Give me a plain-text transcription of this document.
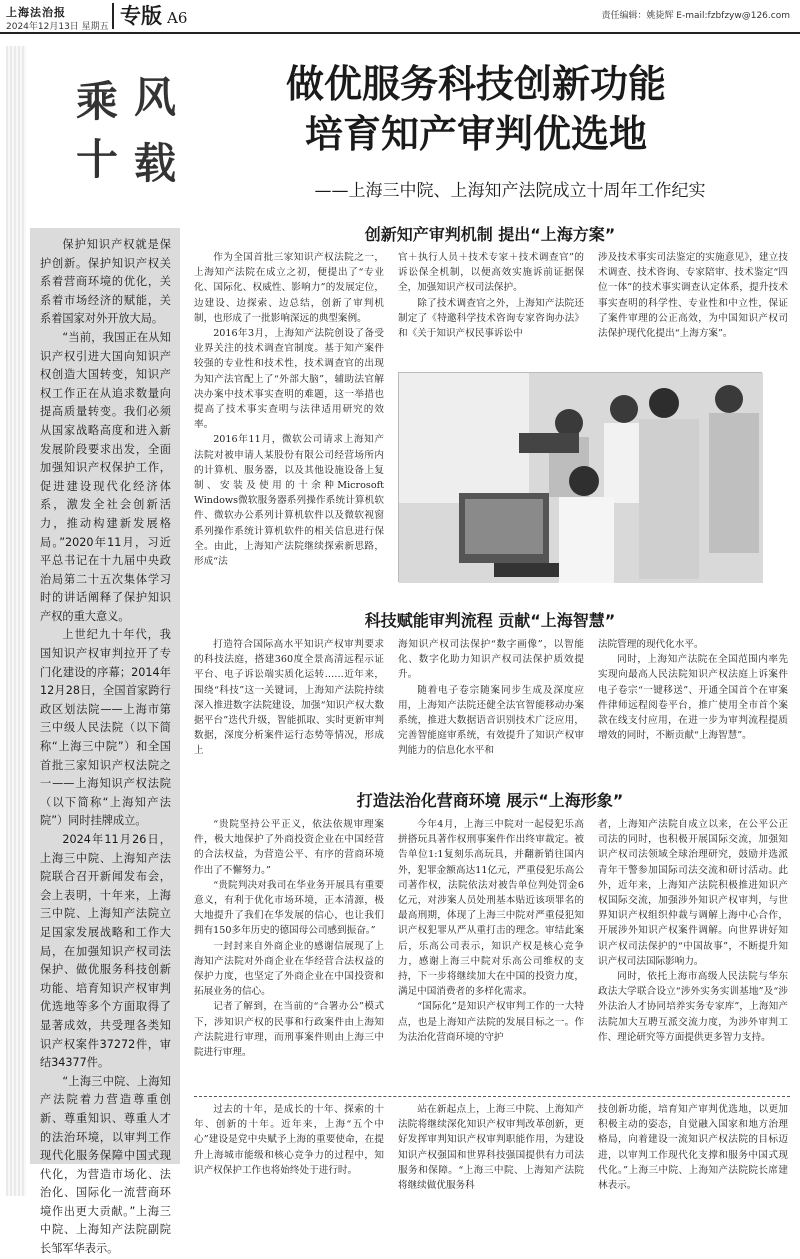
上海法治报
2024年12月13日 星期五 专版 A6	责任编辑：姚毙辉 E-mail:fzbfzyw@126.com
乘 风
十 载
做优服务科技创新功能
培育知产审判优选地
——上海三中院、上海知产法院成立十周年工作纪实

保护知识产权就是保护创新。保护知识产权关系着营商环境的优化，关系着市场经济的赋能，关系着国家对外开放大局。

“当前，我国正在从知识产权引进大国向知识产权创造大国转变，知识产权工作正在从追求数量向提高质量转变。我们必须从国家战略高度和进入新发展阶段要求出发，全面加强知识产权保护工作，促进建设现代化经济体系，激发全社会创新活力，推动构建新发展格局。”2020年11月，习近平总书记在十九届中央政治局第二十五次集体学习时的讲话阐释了保护知识产权的重大意义。

上世纪九十年代，我国知识产权审判拉开了专门化建设的序幕；2014年12月28日，全国首家跨行政区划法院——上海市第三中级人民法院（以下简称“上海三中院”）和全国首批三家知识产权法院之一——上海知识产权法院（以下简称“上海知产法院”）同时挂牌成立。

2024年11月26日，上海三中院、上海知产法院联合召开新闻发布会，会上表明，十年来，上海三中院、上海知产法院立足国家发展战略和工作大局，在加强知识产权司法保护、做优服务科技创新功能、培育知识产权审判优选地等多个方面取得了显著成效，共受理各类知识产权案件37272件，审结34377件。

“上海三中院、上海知产法院着力营造尊重创新、尊重知识、尊重人才的法治环境，以审判工作现代化服务保障中国式现代化，为营造市场化、法治化、国际化一流营商环境作出更大贡献。”上海三中院、上海知产法院副院长邹军华表示。

创新知产审判机制 提出“上海方案”

作为全国首批三家知识产权法院之一，上海知产法院在成立之初，便提出了“专业化、国际化、权威性、影响力”的发展定位，边建设、边探索、边总结，创新了审判机制，也形成了一批影响深远的典型案例。

2016年3月，上海知产法院创设了备受业界关注的技术调查官制度。基于知产案件较强的专业性和技术性，技术调查官的出现为知产法官配上了“外部大脑”，辅助法官解决办案中技术事实查明的难题，这一举措也提高了技术事实查明与法律适用研究的效率。

2016年11月，微软公司请求上海知产法院对被申请人某股份有限公司经营场所内的计算机、服务器，以及其他设施设备上复制、安装及使用的十余种Microsoft Windows微软服务器系列操作系统计算机软件、微软办公系列计算机软件以及微软视窗系列操作系统计算机软件的相关信息进行保全。由此，上海知产法院继续探索新思路，形成“法

官＋执行人员＋技术专家＋技术调查官”的诉讼保全机制，以便高效实施诉前证据保全，加强知识产权司法保护。

除了技术调查官之外，上海知产法院还制定了《特邀科学技术咨询专家咨询办法》和《关于知识产权民事诉讼中

涉及技术事实司法鉴定的实施意见》，建立技术调查、技术咨询、专家陪审、技术鉴定“四位一体”的技术事实调查认定体系，提升技术事实查明的科学性、专业性和中立性，保证了案件审理的公正高效，为中国知识产权司法保护现代化提出“上海方案”。

科技赋能审判流程 贡献“上海智慧”

打造符合国际高水平知识产权审判要求的科技法庭，搭建360度全景高清远程示证平台、电子诉讼端实质化运转……近年来，围绕“科技”这一关键词，上海知产法院持续深入推进数字法院建设，加强“知识产权大数据平台”迭代升级，智能抓取、实时更新审判数据，深度分析案件运行态势等情况，形成上

海知识产权司法保护“数字画像”，以智能化、数字化助力知识产权司法保护质效提升。

随着电子卷宗随案同步生成及深度应用，上海知产法院还健全法官智能移动办案系统，推进大数据语音识别技术广泛应用，完善智能庭审系统，有效提升了知识产权审判能力的信息化水平和

法院管理的现代化水平。

同时，上海知产法院在全国范围内率先实现向最高人民法院知识产权法庭上诉案件电子卷宗“一键移送”、开通全国首个在审案件律师远程阅卷平台，推广使用全市首个案款在线支付应用，在进一步为审判流程提质增效的同时，不断贡献“上海智慧”。

打造法治化营商环境 展示“上海形象”

“贵院坚持公平正义，依法依规审理案件，极大地保护了外商投资企业在中国经营的合法权益，为营造公平、有序的营商环境作出了不懈努力。”

“贵院判决对我司在华业务开展具有重要意义，有利于优化市场环境，正本清源，极大地提升了我们在华发展的信心，也让我们拥有150多年历史的德国母公司感到振奋。”

一封封来自外商企业的感谢信展现了上海知产法院对外商企业在华经营合法权益的保护力度，也坚定了外商企业在中国投资和拓展业务的信心。

记者了解到，在当前的“合署办公”模式下，涉知识产权的民事和行政案件由上海知产法院进行审理，而刑事案件则由上海三中院进行审理。

今年4月，上海三中院对一起侵犯乐高拼搭玩具著作权刑事案件作出终审裁定。被告单位1:1复刻乐高玩具，并翻新销往国内外，犯罪金额高达11亿元，严重侵犯乐高公司著作权，法院依法对被告单位判处罚金6亿元，对涉案人员处刑基本贴近该项罪名的最高刑期，体现了上海三中院对严重侵犯知识产权犯罪从严从重打击的理念。审结此案后，乐高公司表示，知识产权是核心竞争力，感谢上海三中院对乐高公司维权的支持，下一步将继续加大在中国的投资力度，满足中国消费者的多样化需求。

“国际化”是知识产权审判工作的一大特点，也是上海知产法院的发展目标之一。作为法治化营商环境的守护

者，上海知产法院自成立以来，在公平公正司法的同时，也积极开展国际交流，加强知识产权司法领域全球治理研究，鼓励并选派青年干警参加国际司法交流和研讨活动。此外，近年来，上海知产法院积极推进知识产权国际交流，加强涉外知识产权审判，与世界知识产权组织仲裁与调解上海中心合作，开展涉外知识产权案件调解。向世界讲好知识产权司法保护的“中国故事”，不断提升知识产权司法国际影响力。

同时，依托上海市高级人民法院与华东政法大学联合设立“涉外实务实训基地”及“涉外法治人才协同培养实务专家库”，上海知产法院加大互聘互派交流力度，为涉外审判工作、理论研究等方面提供更多智力支持。

过去的十年，是成长的十年、探索的十年、创新的十年。近年来，上海“五个中心”建设是党中央赋予上海的重要使命，在提升上海城市能级和核心竞争力的过程中，知识产权保护工作也将始终处于进行时。

站在新起点上，上海三中院、上海知产法院将继续深化知识产权审判改革创新，更好发挥审判知识产权审判职能作用，为建设知识产权强国和世界科技强国提供有力司法服务和保障。“上海三中院、上海知产法院将继续做优服务科

技创新功能，培育知产审判优选地，以更加积极主动的姿态，自觉融入国家和地方治理格局，向着建设一流知识产权法院的目标迈进，以审判工作现代化支撑和服务中国式现代化。”上海三中院、上海知产法院院长席建林表示。
